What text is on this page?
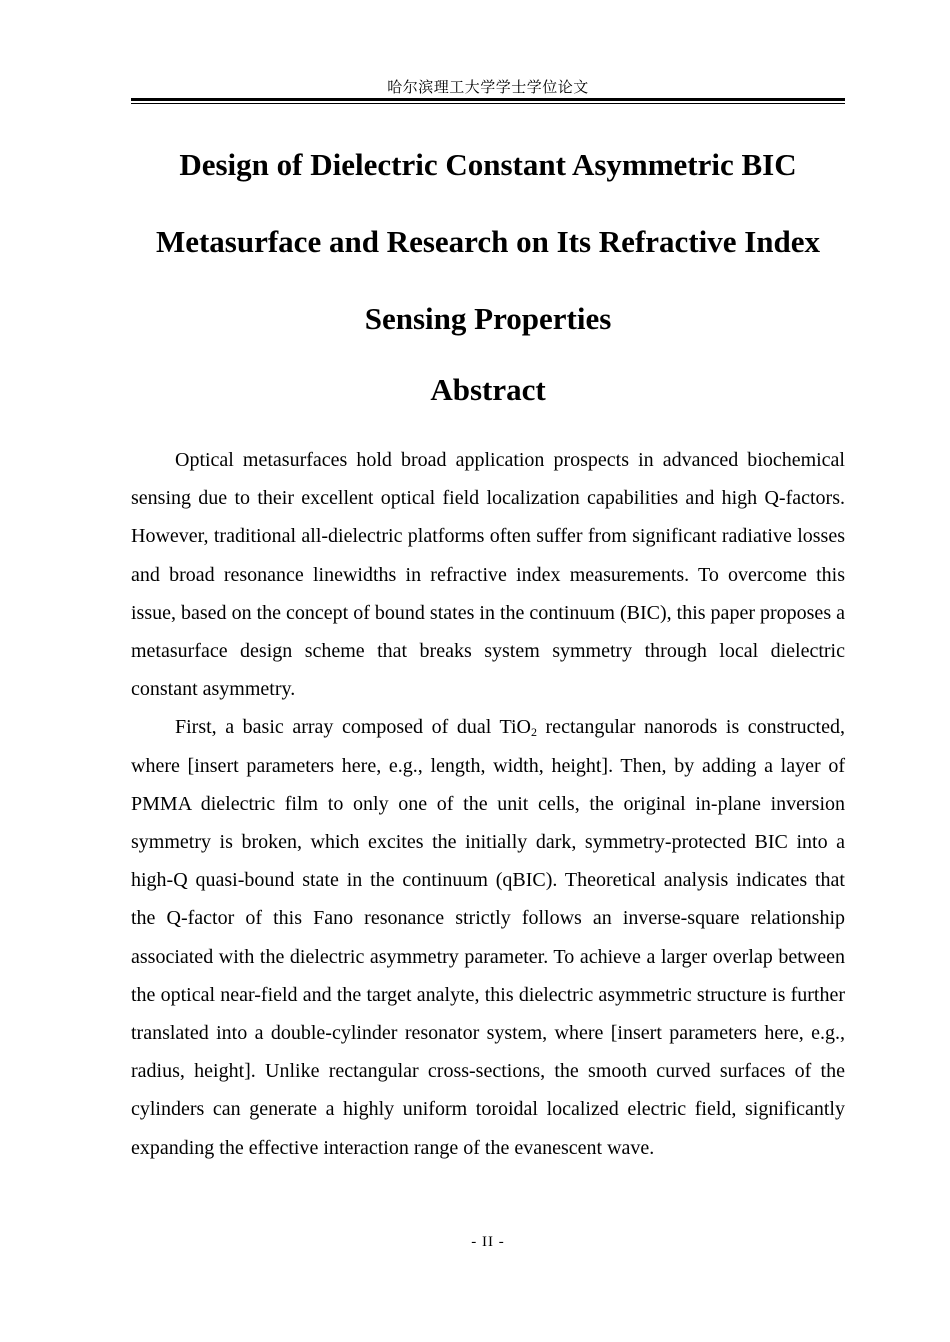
哈尔滨理工大学学士学位论文
Design of Dielectric Constant Asymmetric BIC
Metasurface and Research on Its Refractive Index
Sensing Properties
Abstract

Optical metasurfaces hold broad application prospects in advanced biochemical sensing due to their excellent optical field localization capabilities and high Q-factors. However, traditional all-dielectric platforms often suffer from significant radiative losses and broad resonance linewidths in refractive index measurements. To overcome this issue, based on the concept of bound states in the continuum (BIC), this paper proposes a metasurface design scheme that breaks system symmetry through local dielectric constant asymmetry.

First, a basic array composed of dual TiO$_2$ rectangular nanorods is constructed, where [insert parameters here, e.g., length, width, height]. Then, by adding a layer of PMMA dielectric film to only one of the unit cells, the original in-plane inversion symmetry is broken, which excites the initially dark, symmetry-protected BIC into a high-Q quasi-bound state in the continuum (qBIC). Theoretical analysis indicates that the Q-factor of this Fano resonance strictly follows an inverse-square relationship associated with the dielectric asymmetry parameter. To achieve a larger overlap between the optical near-field and the target analyte, this dielectric asymmetric structure is further translated into a double-cylinder resonator system, where [insert parameters here, e.g., radius, height]. Unlike rectangular cross-sections, the smooth curved surfaces of the cylinders can generate a highly uniform toroidal localized electric field, significantly expanding the effective interaction range of the evanescent wave.

- II -
